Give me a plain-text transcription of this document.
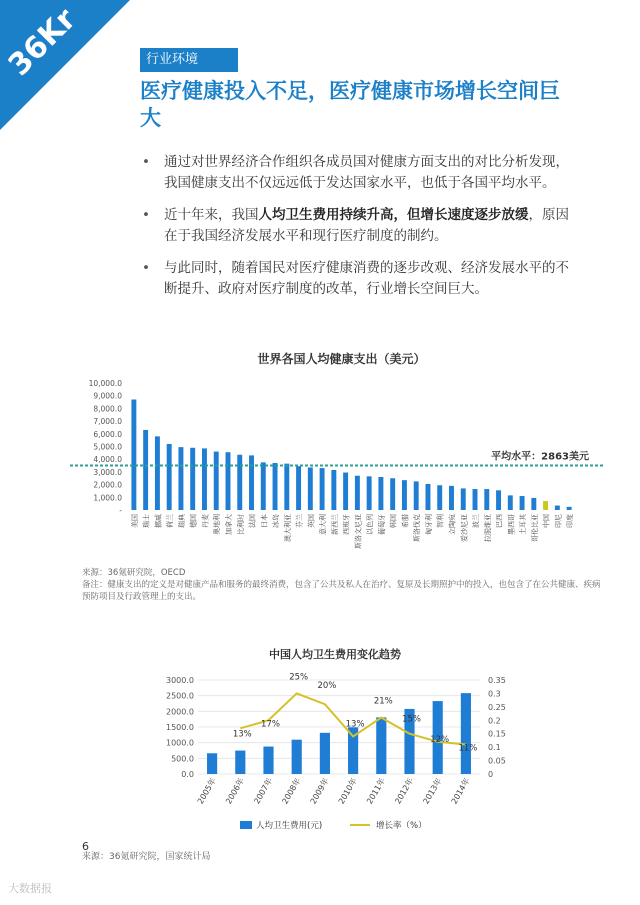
36Kr	行业环境
医疗健康投入不足，医疗健康市场增长空间巨大
• 通过对世界经济合作组织各成员国对健康方面支出的对比分析发现，我国健康支出不仅远远低于发达国家水平，也低于各国平均水平。
• 近十年来，我国人均卫生费用持续升高，但增长速度逐步放缓，原因在于我国经济发展水平和现行医疗制度的制约。
• 与此同时，随着国民对医疗健康消费的逐步改观、经济发展水平的不断提升、政府对医疗制度的改革，行业增长空间巨大。
世界各国人均健康支出（美元）
-
1,000.0
2,000.0
3,000.0
4,000.0
5,000.0
6,000.0
7,000.0
8,000.0
9,000.0
10,000.0
美国 瑞士 挪威 荷兰 瑞典 德国 丹麦 奥地利 加拿大 比利时 法国 日本 冰岛 澳大利亚 芬兰 英国 意大利 新西兰 西班牙 斯洛文尼亚 以色列 葡萄牙 韩国 希腊 斯洛伐克 匈牙利 智利 立陶宛 爱沙尼亚 波兰 拉脱维亚 巴西 墨西哥 土耳其 哥伦比亚 中国 印尼 印度
平均水平：2863美元
来源：36氪研究院，OECD
备注：健康支出的定义是对健康产品和服务的最终消费，包含了公共及私人在治疗、复原及长期照护中的投入，也包含了在公共健康、疾病预防项目及行政管理上的支出。
中国人均卫生费用变化趋势
0.0
500.0
1000.0
1500.0
2000.0
2500.0
3000.0
0
0.05
0.1
0.15
0.2
0.25
0.3
0.35
2005年 2006年 2007年 2008年 2009年 2010年 2011年 2012年 2013年 2014年
13%
17%
25%
20%
13%
21%
15%
12%
11%
人均卫生费用(元)	增长率（%）
来源：36氪研究院，国家统计局
6
大数据报
